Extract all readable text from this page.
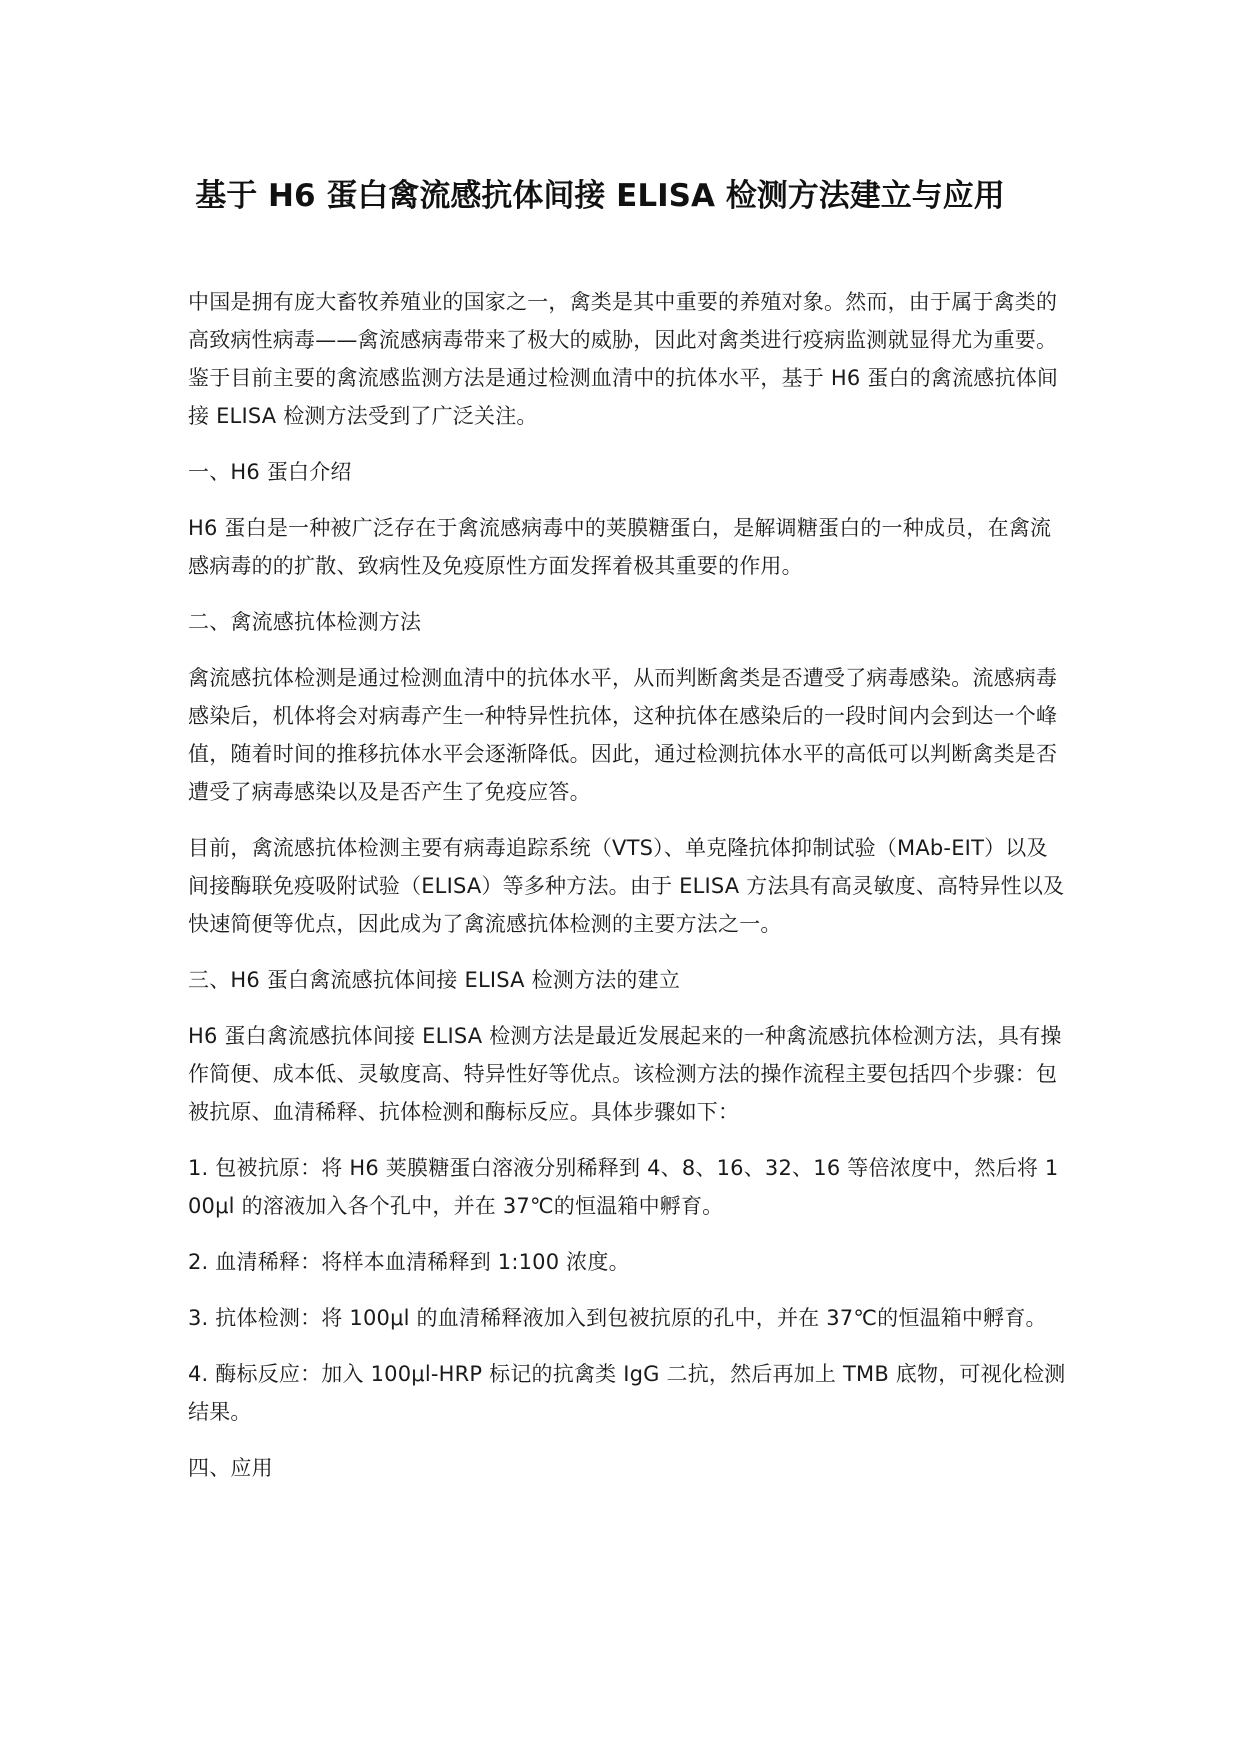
基于 H6 蛋白禽流感抗体间接 ELISA 检测方法建立与应用

中国是拥有庞大畜牧养殖业的国家之一，禽类是其中重要的养殖对象。然而，由于属于禽类的高致病性病毒——禽流感病毒带来了极大的威胁，因此对禽类进行疫病监测就显得尤为重要。鉴于目前主要的禽流感监测方法是通过检测血清中的抗体水平，基于 H6 蛋白的禽流感抗体间接 ELISA 检测方法受到了广泛关注。

一、H6 蛋白介绍

H6 蛋白是一种被广泛存在于禽流感病毒中的荚膜糖蛋白，是解调糖蛋白的一种成员，在禽流感病毒的的扩散、致病性及免疫原性方面发挥着极其重要的作用。

二、禽流感抗体检测方法

禽流感抗体检测是通过检测血清中的抗体水平，从而判断禽类是否遭受了病毒感染。流感病毒感染后，机体将会对病毒产生一种特异性抗体，这种抗体在感染后的一段时间内会到达一个峰值，随着时间的推移抗体水平会逐渐降低。因此，通过检测抗体水平的高低可以判断禽类是否遭受了病毒感染以及是否产生了免疫应答。

目前，禽流感抗体检测主要有病毒追踪系统（VTS）、单克隆抗体抑制试验（MAb-EIT）以及间接酶联免疫吸附试验（ELISA）等多种方法。由于 ELISA 方法具有高灵敏度、高特异性以及快速简便等优点，因此成为了禽流感抗体检测的主要方法之一。

三、H6 蛋白禽流感抗体间接 ELISA 检测方法的建立

H6 蛋白禽流感抗体间接 ELISA 检测方法是最近发展起来的一种禽流感抗体检测方法，具有操作简便、成本低、灵敏度高、特异性好等优点。该检测方法的操作流程主要包括四个步骤：包被抗原、血清稀释、抗体检测和酶标反应。具体步骤如下：

1. 包被抗原：将 H6 荚膜糖蛋白溶液分别稀释到 4、8、16、32、16 等倍浓度中，然后将 100μl 的溶液加入各个孔中，并在 37℃的恒温箱中孵育。

2. 血清稀释：将样本血清稀释到 1:100 浓度。

3. 抗体检测：将 100μl 的血清稀释液加入到包被抗原的孔中，并在 37℃的恒温箱中孵育。

4. 酶标反应：加入 100μl-HRP 标记的抗禽类 IgG 二抗，然后再加上 TMB 底物，可视化检测结果。

四、应用
